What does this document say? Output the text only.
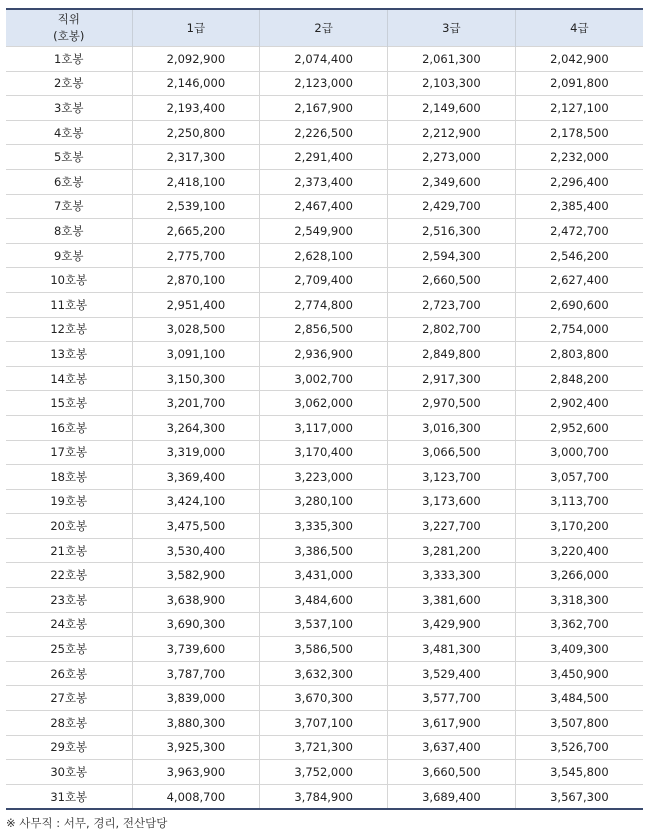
직위
(호봉)	1급	2급	3급	4급
1호봉	2,092,900	2,074,400	2,061,300	2,042,900
2호봉	2,146,000	2,123,000	2,103,300	2,091,800
3호봉	2,193,400	2,167,900	2,149,600	2,127,100
4호봉	2,250,800	2,226,500	2,212,900	2,178,500
5호봉	2,317,300	2,291,400	2,273,000	2,232,000
6호봉	2,418,100	2,373,400	2,349,600	2,296,400
7호봉	2,539,100	2,467,400	2,429,700	2,385,400
8호봉	2,665,200	2,549,900	2,516,300	2,472,700
9호봉	2,775,700	2,628,100	2,594,300	2,546,200
10호봉	2,870,100	2,709,400	2,660,500	2,627,400
11호봉	2,951,400	2,774,800	2,723,700	2,690,600
12호봉	3,028,500	2,856,500	2,802,700	2,754,000
13호봉	3,091,100	2,936,900	2,849,800	2,803,800
14호봉	3,150,300	3,002,700	2,917,300	2,848,200
15호봉	3,201,700	3,062,000	2,970,500	2,902,400
16호봉	3,264,300	3,117,000	3,016,300	2,952,600
17호봉	3,319,000	3,170,400	3,066,500	3,000,700
18호봉	3,369,400	3,223,000	3,123,700	3,057,700
19호봉	3,424,100	3,280,100	3,173,600	3,113,700
20호봉	3,475,500	3,335,300	3,227,700	3,170,200
21호봉	3,530,400	3,386,500	3,281,200	3,220,400
22호봉	3,582,900	3,431,000	3,333,300	3,266,000
23호봉	3,638,900	3,484,600	3,381,600	3,318,300
24호봉	3,690,300	3,537,100	3,429,900	3,362,700
25호봉	3,739,600	3,586,500	3,481,300	3,409,300
26호봉	3,787,700	3,632,300	3,529,400	3,450,900
27호봉	3,839,000	3,670,300	3,577,700	3,484,500
28호봉	3,880,300	3,707,100	3,617,900	3,507,800
29호봉	3,925,300	3,721,300	3,637,400	3,526,700
30호봉	3,963,900	3,752,000	3,660,500	3,545,800
31호봉	4,008,700	3,784,900	3,689,400	3,567,300
※ 사무직 : 서무, 경리, 전산담당
